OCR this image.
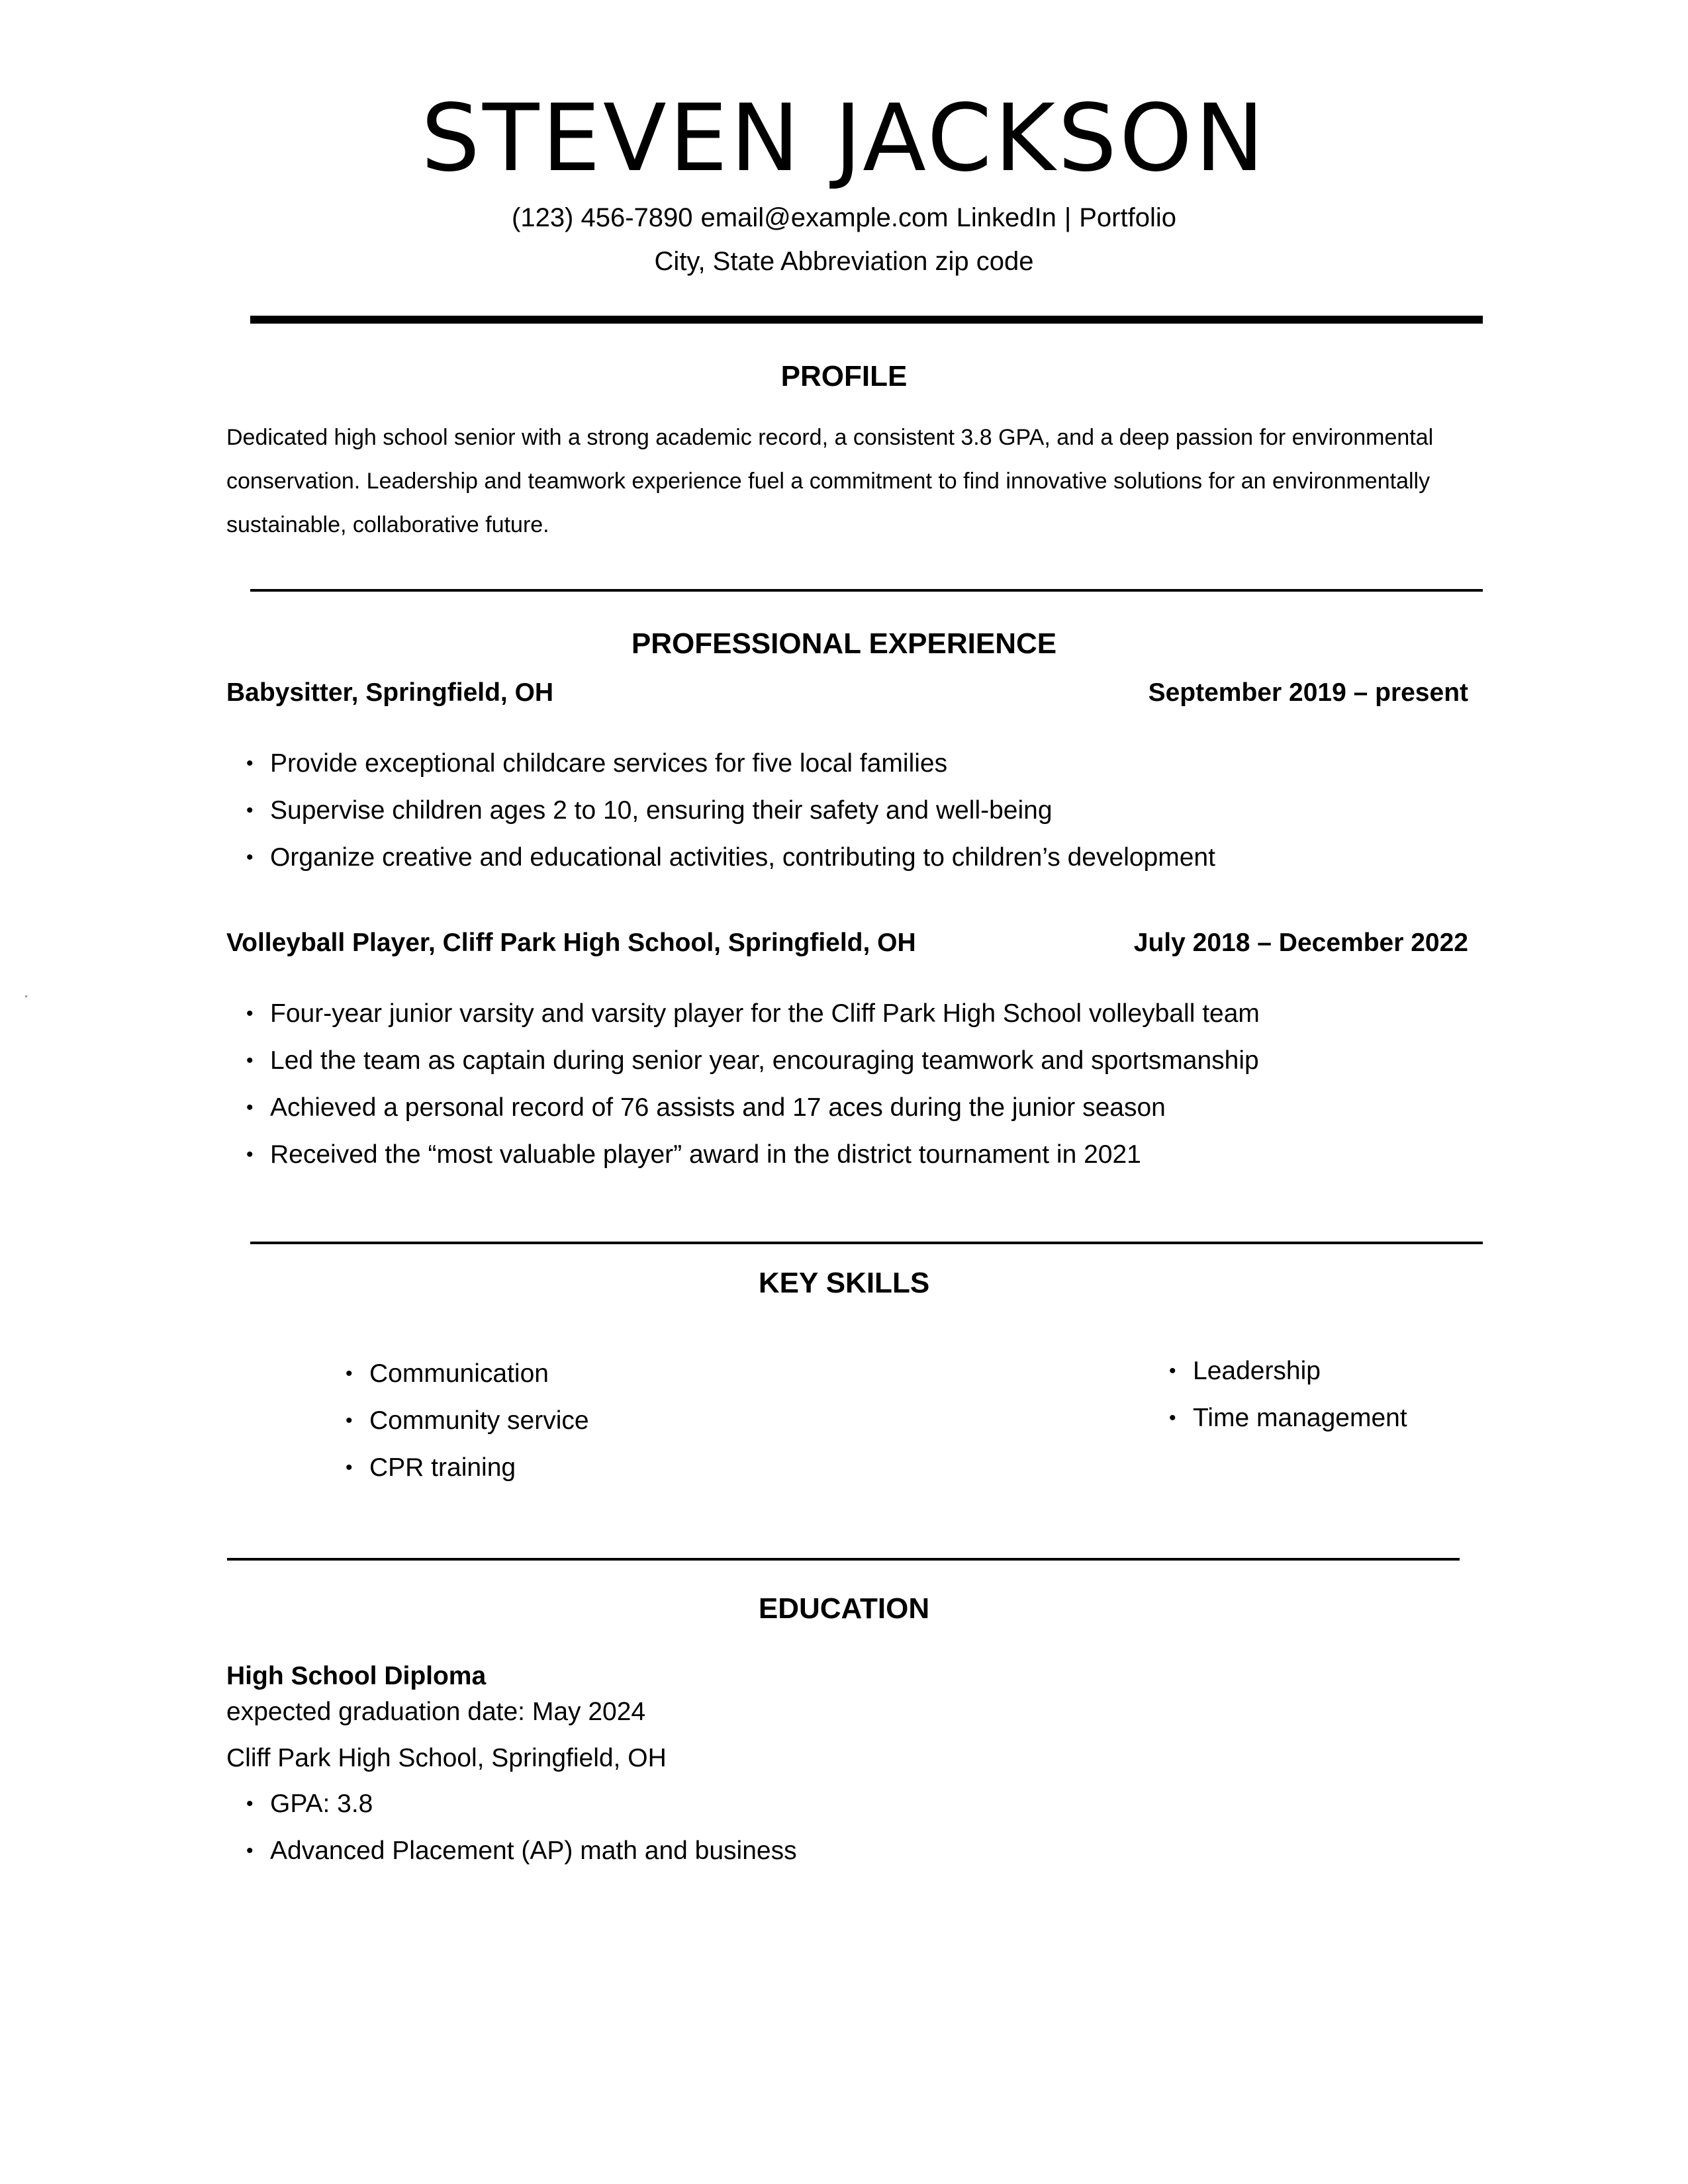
STEVEN JACKSON
(123) 456-7890 email@example.com LinkedIn | Portfolio
City, State Abbreviation zip code
PROFILE

Dedicated high school senior with a strong academic record, a consistent 3.8 GPA, and a deep passion for environmental conservation. Leadership and teamwork experience fuel a commitment to find innovative solutions for an environmentally sustainable, collaborative future.

PROFESSIONAL EXPERIENCE
Babysitter, Springfield, OH	September 2019 – present
• Provide exceptional childcare services for five local families
• Supervise children ages 2 to 10, ensuring their safety and well-being
• Organize creative and educational activities, contributing to children’s development
Volleyball Player, Cliff Park High School, Springfield, OH	July 2018 – December 2022
• Four-year junior varsity and varsity player for the Cliff Park High School volleyball team
• Led the team as captain during senior year, encouraging teamwork and sportsmanship
• Achieved a personal record of 76 assists and 17 aces during the junior season
• Received the “most valuable player” award in the district tournament in 2021
KEY SKILLS
• Communication
• Community service
• CPR training
• Leadership
• Time management
EDUCATION
High School Diploma
expected graduation date: May 2024
Cliff Park High School, Springfield, OH
• GPA: 3.8
• Advanced Placement (AP) math and business
